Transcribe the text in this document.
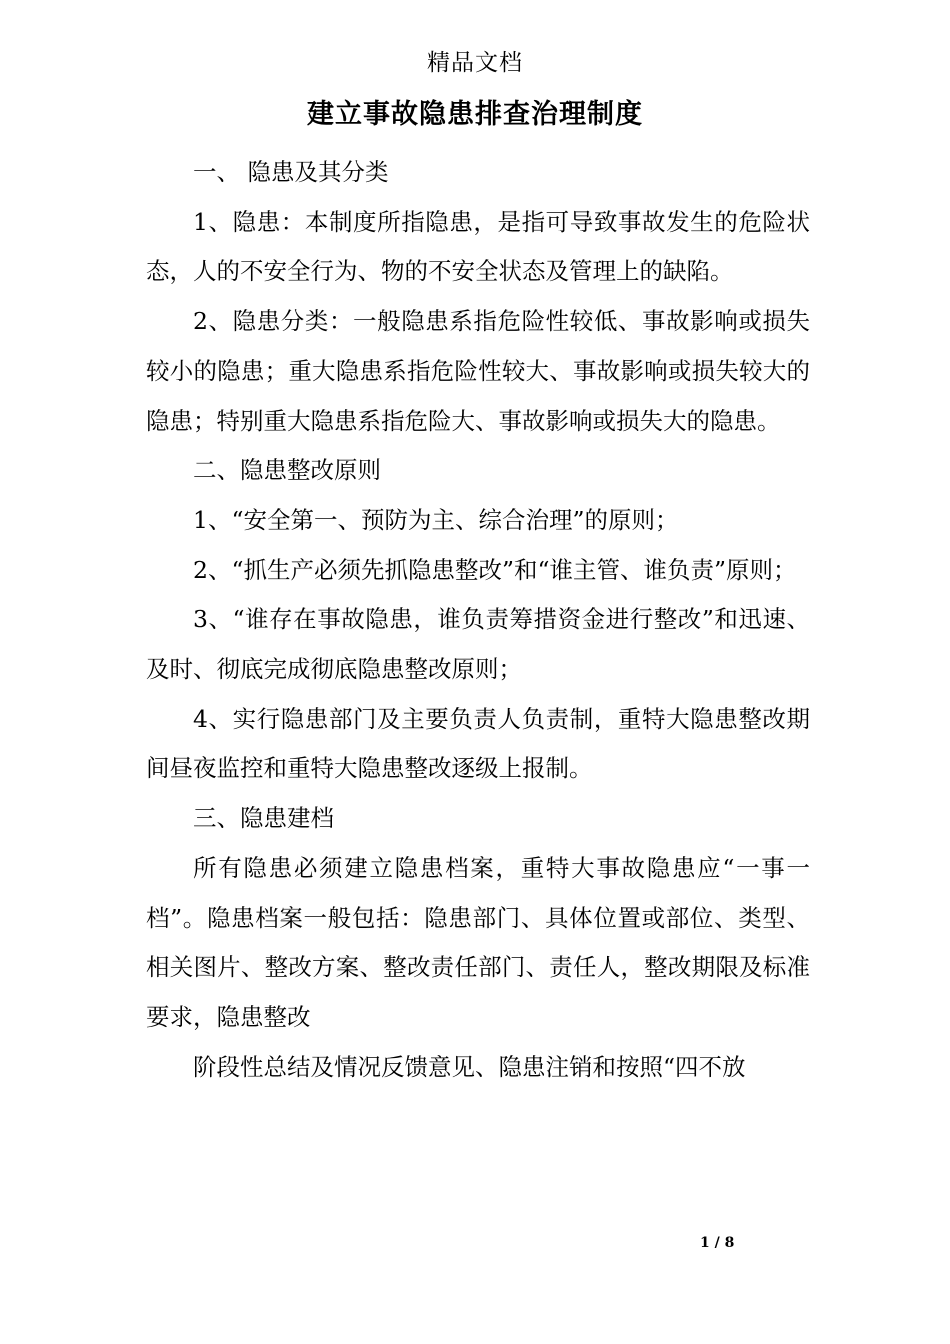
精品文档
建立事故隐患排查治理制度

一、 隐患及其分类

1、隐患：本制度所指隐患，是指可导致事故发生的危险状态，人的不安全行为、物的不安全状态及管理上的缺陷。

2、隐患分类：一般隐患系指危险性较低、事故影响或损失较小的隐患；重大隐患系指危险性较大、事故影响或损失较大的隐患；特别重大隐患系指危险大、事故影响或损失大的隐患。

二、隐患整改原则

1、“安全第一、预防为主、综合治理”的原则；

2、“抓生产必须先抓隐患整改”和“谁主管、谁负责”原则；

3、“谁存在事故隐患，谁负责筹措资金进行整改”和迅速、及时、彻底完成彻底隐患整改原则；

4、实行隐患部门及主要负责人负责制，重特大隐患整改期间昼夜监控和重特大隐患整改逐级上报制。

三、隐患建档

所有隐患必须建立隐患档案，重特大事故隐患应“一事一档”。隐患档案一般包括：隐患部门、具体位置或部位、类型、相关图片、整改方案、整改责任部门、责任人，整改期限及标准要求，隐患整改

阶段性总结及情况反馈意见、隐患注销和按照“四不放

1 / 8
